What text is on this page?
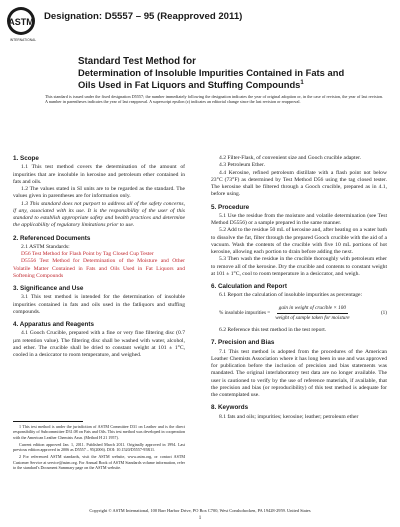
ASTM
INTERNATIONAL
Designation: D5557 – 95 (Reapproved 2011)
Standard Test Method for
Determination of Insoluble Impurities Contained in Fats and
Oils Used in Fat Liquors and Stuffing Compounds$^1$
This standard is issued under the fixed designation D5557; the number immediately following the designation indicates the year of original adoption or, in the case of revision, the year of last revision. A number in parentheses indicates the year of last reapproval. A superscript epsilon (ε) indicates an editorial change since the last revision or reapproval.

1. Scope

1.1 This test method covers the determination of the amount of impurities that are insoluble in kerosine and petroleum ether contained in fats and oils.

1.2 The values stated in SI units are to be regarded as the standard. The values given in parentheses are for information only.

1.3 This standard does not purport to address all of the safety concerns, if any, associated with its use. It is the responsibility of the user of this standard to establish appropriate safety and health practices and determine the applicability of regulatory limitations prior to use.

2. Referenced Documents

2.1 ASTM Standards:

D56 Test Method for Flash Point by Tag Closed Cup Tester

D5556 Test Method for Determination of the Moisture and Other Volatile Matter Contained in Fats and Oils Used in Fat Liquors and Softening Compounds

3. Significance and Use

3.1 This test method is intended for the determination of insoluble impurities contained in fats and oils used in the fatliquors and stuffing compounds.

4. Apparatus and Reagents

4.1 Gooch Crucible, prepared with a fine or very fine filtering disc (0.7 µm retention value). The filtering disc shall be washed with water, alcohol, and ether. The crucible shall be dried to constant weight at 101 ± 1°C, cooled in a desiccator to room temperature, and weighed.

4.2 Filter-Flask, of convenient size and Gooch crucible adapter.

4.3 Petroleum Ether.

4.4 Kerosine, refined petroleum distillate with a flash point not below 23°C (73°F) as determined by Test Method D56 using the tag closed tester. The kerosine shall be filtered through a Gooch crucible, prepared as in 4.1, before using.

5. Procedure

5.1 Use the residue from the moisture and volatile determination (see Test Method D5556) or a sample prepared in the same manner.

5.2 Add to the residue 50 mL of kerosine and, after heating on a water bath to dissolve the fat, filter through the prepared Gooch crucible with the aid of a vacuum. Wash the contents of the crucible with five 10 mL portions of hot kerosine, allowing each portion to drain before adding the next.

5.3 Then wash the residue in the crucible thoroughly with petroleum ether to remove all of the kerosine. Dry the crucible and contents to constant weight at 101 ± 1°C, cool to room temperature in a desiccator, and weigh.

6. Calculation and Report

6.1 Report the calculation of insoluble impurities as percentage:

% insoluble impurities = $\frac{\text{gain in weight of crucible × 100}}{\text{weight of sample taken for moisture}}$	(1)

6.2 Reference this test method in the test report.

7. Precision and Bias

7.1 This test method is adopted from the procedures of the American Leather Chemists Association where it has long been in use and was approved for publication before the inclusion of precision and bias statements was mandated. The original interlaboratory test data are no longer available. The user is cautioned to verify by the use of reference materials, if available, that the precision and bias (or reproducibility) of this test method is adequate for the contemplated use.

8. Keywords

8.1 fats and oils; impurities; kerosine; leather; petroleum ether

1 This test method is under the jurisdiction of ASTM Committee D31 on Leather and is the direct responsibility of Subcommittee D31.08 on Fats and Oils. This test method was developed in cooperation with the American Leather Chemists Assn. (Method H 21 1957).

Current edition approved Jan. 1, 2011. Published March 2011. Originally approved in 1994. Last previous edition approved in 2006 as D5557 – 95(2006). DOI: 10.1520/D5557-95R11.

2 For referenced ASTM standards, visit the ASTM website, www.astm.org, or contact ASTM Customer Service at service@astm.org. For Annual Book of ASTM Standards volume information, refer to the standard's Document Summary page on the ASTM website.

Copyright © ASTM International, 100 Barr Harbor Drive, PO Box C700, West Conshohocken, PA 19428-2959. United States
1
